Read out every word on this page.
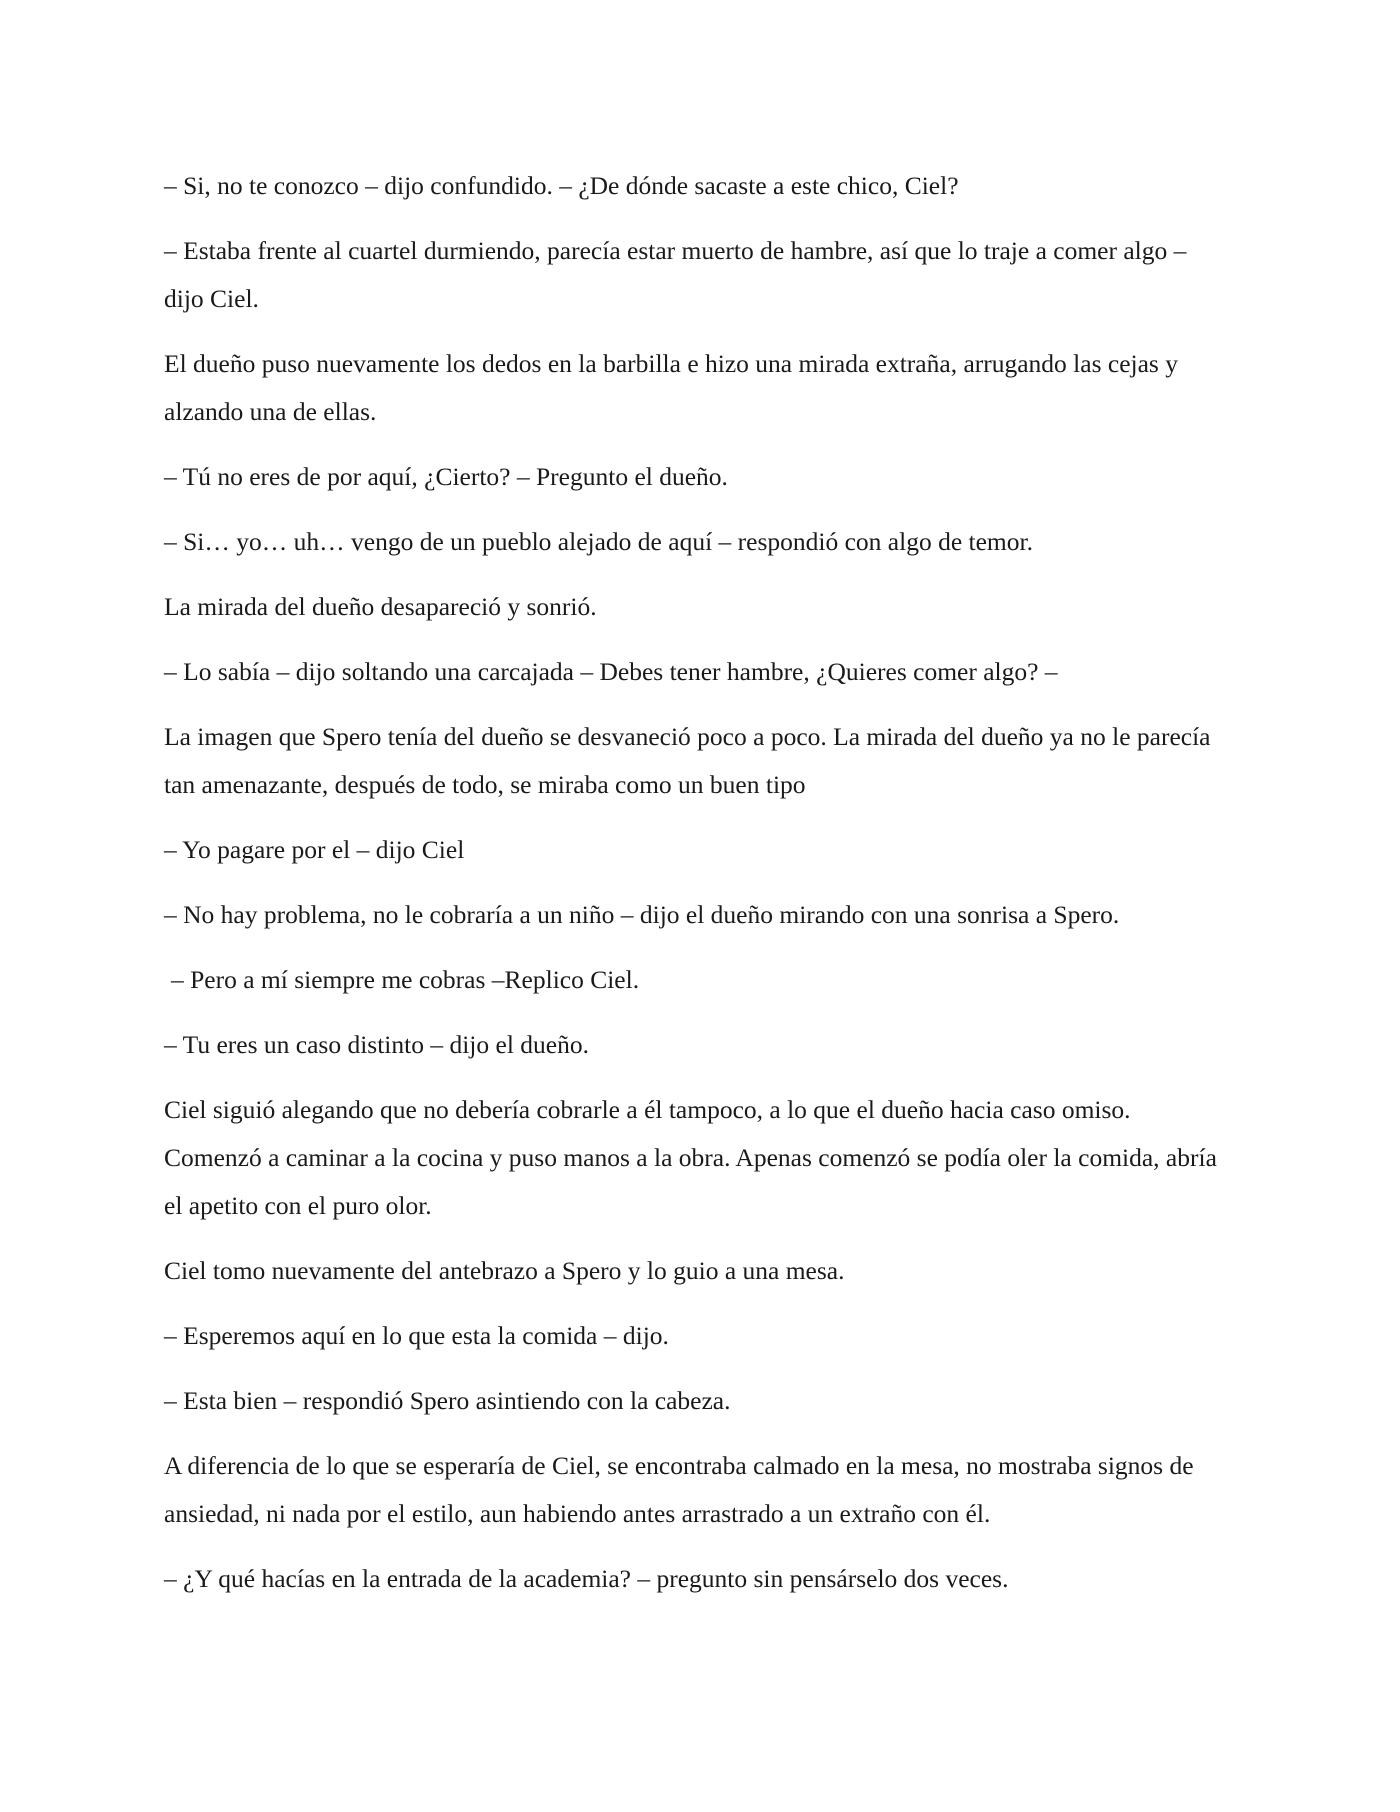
– Si, no te conozco – dijo confundido. – ¿De dónde sacaste a este chico, Ciel?

– Estaba frente al cuartel durmiendo, parecía estar muerto de hambre, así que lo traje a comer algo – dijo Ciel.

El dueño puso nuevamente los dedos en la barbilla e hizo una mirada extraña, arrugando las cejas y alzando una de ellas.

– Tú no eres de por aquí, ¿Cierto? – Pregunto el dueño.

– Si… yo… uh… vengo de un pueblo alejado de aquí – respondió con algo de temor.

La mirada del dueño desapareció y sonrió.

– Lo sabía – dijo soltando una carcajada – Debes tener hambre, ¿Quieres comer algo? –

La imagen que Spero tenía del dueño se desvaneció poco a poco. La mirada del dueño ya no le parecía tan amenazante, después de todo, se miraba como un buen tipo

– Yo pagare por el – dijo Ciel

– No hay problema, no le cobraría a un niño – dijo el dueño mirando con una sonrisa a Spero.

– Pero a mí siempre me cobras –Replico Ciel.

– Tu eres un caso distinto – dijo el dueño.

Ciel siguió alegando que no debería cobrarle a él tampoco, a lo que el dueño hacia caso omiso. Comenzó a caminar a la cocina y puso manos a la obra. Apenas comenzó se podía oler la comida, abría el apetito con el puro olor.

Ciel tomo nuevamente del antebrazo a Spero y lo guio a una mesa.

– Esperemos aquí en lo que esta la comida – dijo.

– Esta bien – respondió Spero asintiendo con la cabeza.

A diferencia de lo que se esperaría de Ciel, se encontraba calmado en la mesa, no mostraba signos de ansiedad, ni nada por el estilo, aun habiendo antes arrastrado a un extraño con él.

– ¿Y qué hacías en la entrada de la academia? – pregunto sin pensárselo dos veces.
